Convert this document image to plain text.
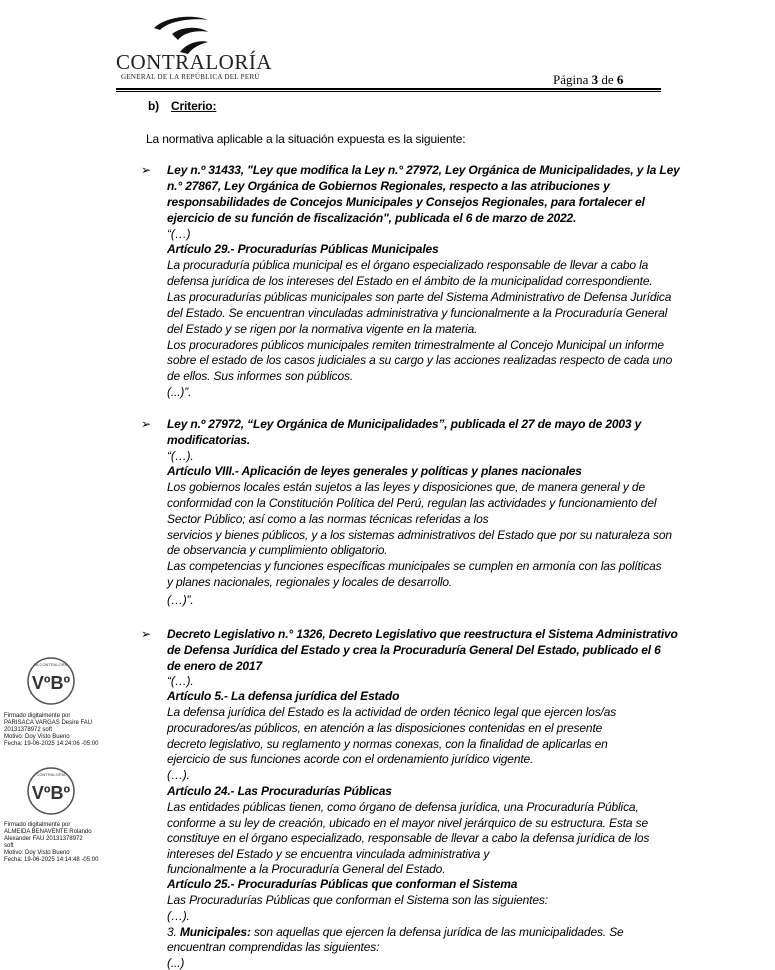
CONTRALORÍA
GENERAL DE LA REPÚBLICA DEL PERÚ	Página 3 de 6
b) Criterio:
La normativa aplicable a la situación expuesta es la siguiente:
➢ Ley n.º 31433, "Ley que modifica la Ley n.° 27972, Ley Orgánica de Municipalidades, y la Ley
n.° 27867, Ley Orgánica de Gobiernos Regionales, respecto a las atribuciones y
responsabilidades de Concejos Municipales y Consejos Regionales, para fortalecer el
ejercicio de su función de fiscalización", publicada el 6 de marzo de 2022.
“(…)
Artículo 29.- Procuradurías Públicas Municipales
La procuraduría pública municipal es el órgano especializado responsable de llevar a cabo la
defensa jurídica de los intereses del Estado en el ámbito de la municipalidad correspondiente.
Las procuradurías públicas municipales son parte del Sistema Administrativo de Defensa Jurídica
del Estado. Se encuentran vinculadas administrativa y funcionalmente a la Procuraduría General
del Estado y se rigen por la normativa vigente en la materia.
Los procuradores públicos municipales remiten trimestralmente al Concejo Municipal un informe
sobre el estado de los casos judiciales a su cargo y las acciones realizadas respecto de cada uno
de ellos. Sus informes son públicos.
(...)”.
➢ Ley n.º 27972, “Ley Orgánica de Municipalidades”, publicada el 27 de mayo de 2003 y
modificatorias.
“(…).
Artículo VIII.- Aplicación de leyes generales y políticas y planes nacionales
Los gobiernos locales están sujetos a las leyes y disposiciones que, de manera general y de
conformidad con la Constitución Política del Perú, regulan las actividades y funcionamiento del
Sector Público; así como a las normas técnicas referidas a los
servicios y bienes públicos, y a los sistemas administrativos del Estado que por su naturaleza son
de observancia y cumplimiento obligatorio.
Las competencias y funciones específicas municipales se cumplen en armonía con las políticas
y planes nacionales, regionales y locales de desarrollo.
(…)”.
➢ Decreto Legislativo n.° 1326, Decreto Legislativo que reestructura el Sistema Administrativo
de Defensa Jurídica del Estado y crea la Procuraduría General Del Estado, publicado el 6
de enero de 2017
“(…).
Artículo 5.- La defensa jurídica del Estado
La defensa jurídica del Estado es la actividad de orden técnico legal que ejercen los/as
procuradores/as públicos, en atención a las disposiciones contenidas en el presente
decreto legislativo, su reglamento y normas conexas, con la finalidad de aplicarlas en
ejercicio de sus funciones acorde con el ordenamiento jurídico vigente.
(…).
Artículo 24.- Las Procuradurías Públicas
Las entidades públicas tienen, como órgano de defensa jurídica, una Procuraduría Pública,
conforme a su ley de creación, ubicado en el mayor nivel jerárquico de su estructura. Esta se
constituye en el órgano especializado, responsable de llevar a cabo la defensa jurídica de los
intereses del Estado y se encuentra vinculada administrativa y
funcionalmente a la Procuraduría General del Estado.
Artículo 25.- Procuradurías Públicas que conforman el Sistema
Las Procuradurías Públicas que conforman el Sistema son las siguientes:
(…).
3. Municipales: son aquellas que ejercen la defensa jurídica de las municipalidades. Se
encuentran comprendidas las siguientes:
(...)
LA CONTRALORÍA
VºBº
Firmado digitalmente por
PARISACA VARGAS Desire FAU
20131378972 soft
Motivo: Doy Visto Bueno
Fecha: 19-06-2025 14:24:06 -05:00
CONTRALORÍA
VºBº
Firmado digitalmente por
ALMEIDA BENAVENTE Rolando
Alexander FAU 20131378972
soft
Motivo: Doy Visto Bueno
Fecha: 19-06-2025 14:14:48 -05:00
